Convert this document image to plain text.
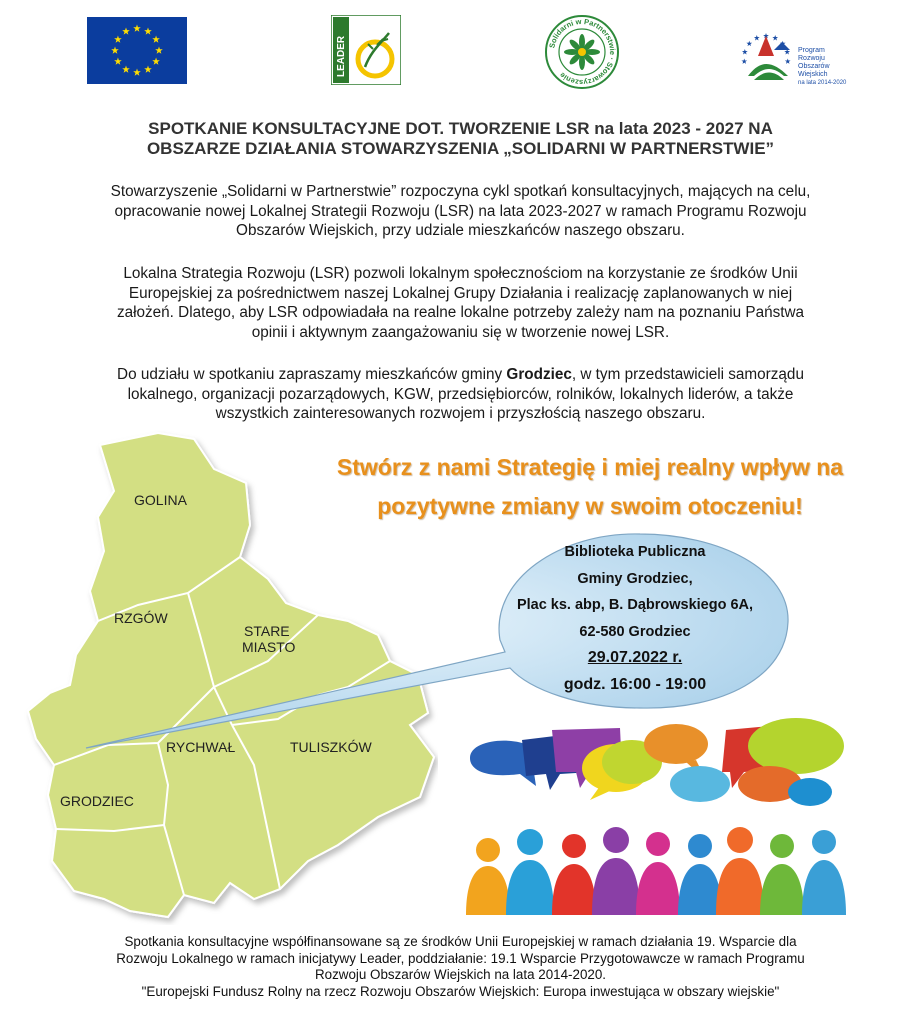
LEADER	Solidarni w Partnerstwie · Stowarzyszenie
Program
Rozwoju
Obszarów
Wiejskich
na lata 2014-2020
SPOTKANIE KONSULTACYJNE DOT. TWORZENIE LSR na lata 2023 - 2027 NA
OBSZARZE DZIAŁANIA STOWARZYSZENIA „SOLIDARNI W PARTNERSTWIE”
Stowarzyszenie „Solidarni w Partnerstwie” rozpoczyna cykl spotkań konsultacyjnych, mających na celu,
opracowanie nowej Lokalnej Strategii Rozwoju (LSR) na lata 2023-2027 w ramach Programu Rozwoju
Obszarów Wiejskich, przy udziale mieszkańców naszego obszaru.
Lokalna Strategia Rozwoju (LSR) pozwoli lokalnym społecznościom na korzystanie ze środków Unii
Europejskiej za pośrednictwem naszej Lokalnej Grupy Działania i realizację zaplanowanych w niej
założeń. Dlatego, aby LSR odpowiadała na realne lokalne potrzeby zależy nam na poznaniu Państwa
opinii i aktywnym zaangażowaniu się w tworzenie nowej LSR.
Do udziału w spotkaniu zapraszamy mieszkańców gminy Grodziec, w tym przedstawicieli samorządu
lokalnego, organizacji pozarządowych, KGW, przedsiębiorców, rolników, lokalnych liderów, a także
wszystkich zainteresowanych rozwojem i przyszłością naszego obszaru.
GOLINA
RZGÓW
STARE
MIASTO
RYCHWAŁ	TULISZKÓW
GRODZIEC
Stwórz z nami Strategię i miej realny wpływ na
pozytywne zmiany w swoim otoczeniu!
Biblioteka Publiczna
Gminy Grodziec,
Plac ks. abp, B. Dąbrowskiego 6A,
62-580 Grodziec
29.07.2022 r.
godz. 16:00 - 19:00
Spotkania konsultacyjne współfinansowane są ze środków Unii Europejskiej w ramach działania 19. Wsparcie dla
Rozwoju Lokalnego w ramach inicjatywy Leader, poddziałanie: 19.1 Wsparcie Przygotowawcze w ramach Programu
Rozwoju Obszarów Wiejskich na lata 2014-2020.
"Europejski Fundusz Rolny na rzecz Rozwoju Obszarów Wiejskich: Europa inwestująca w obszary wiejskie"
